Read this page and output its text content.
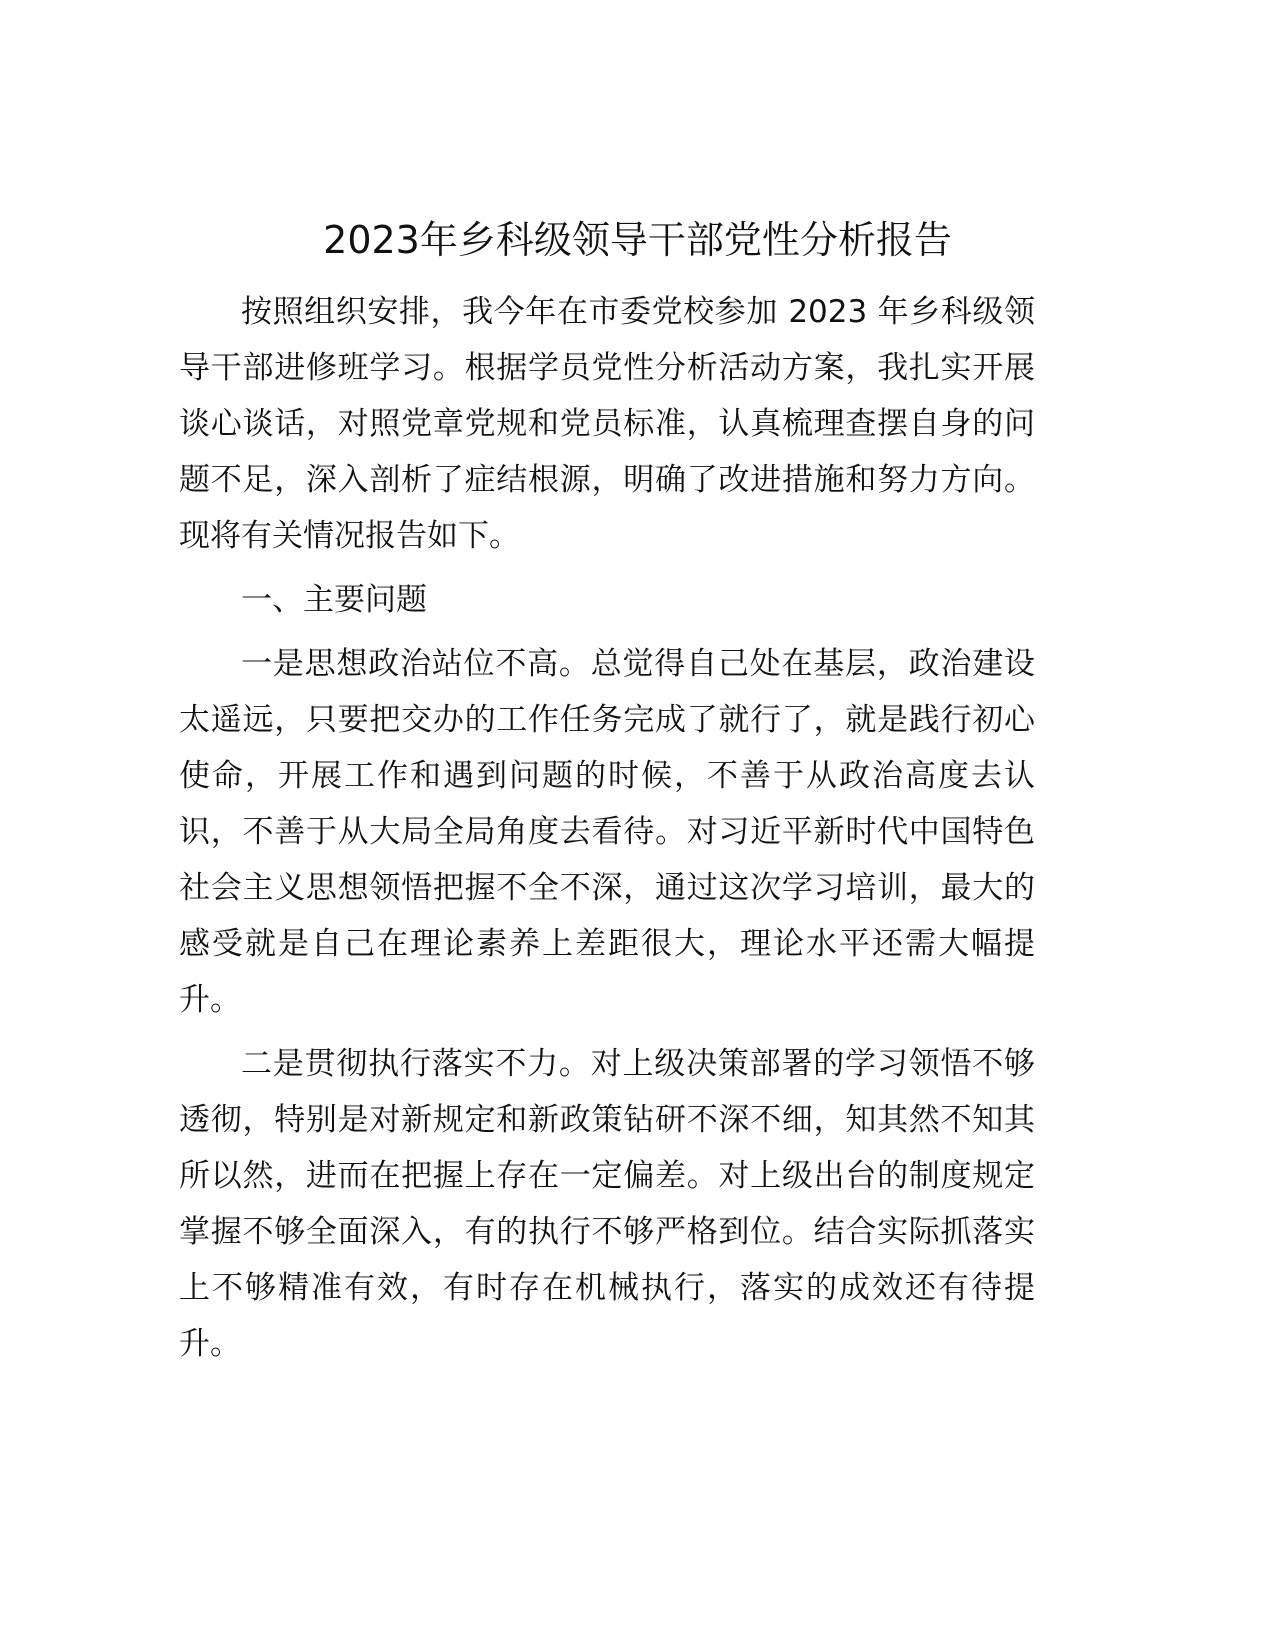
2023年乡科级领导干部党性分析报告
按照组织安排，我今年在市委党校参加 2023 年乡科级领
导干部进修班学习。根据学员党性分析活动方案，我扎实开展
谈心谈话，对照党章党规和党员标准，认真梳理查摆自身的问
题不足，深入剖析了症结根源，明确了改进措施和努力方向。
现将有关情况报告如下。
一、主要问题
一是思想政治站位不高。总觉得自己处在基层，政治建设
太遥远，只要把交办的工作任务完成了就行了，就是践行初心
使命，开展工作和遇到问题的时候，不善于从政治高度去认
识，不善于从大局全局角度去看待。对习近平新时代中国特色
社会主义思想领悟把握不全不深，通过这次学习培训，最大的
感受就是自己在理论素养上差距很大，理论水平还需大幅提
升。
二是贯彻执行落实不力。对上级决策部署的学习领悟不够
透彻，特别是对新规定和新政策钻研不深不细，知其然不知其
所以然，进而在把握上存在一定偏差。对上级出台的制度规定
掌握不够全面深入，有的执行不够严格到位。结合实际抓落实
上不够精准有效，有时存在机械执行，落实的成效还有待提
升。
